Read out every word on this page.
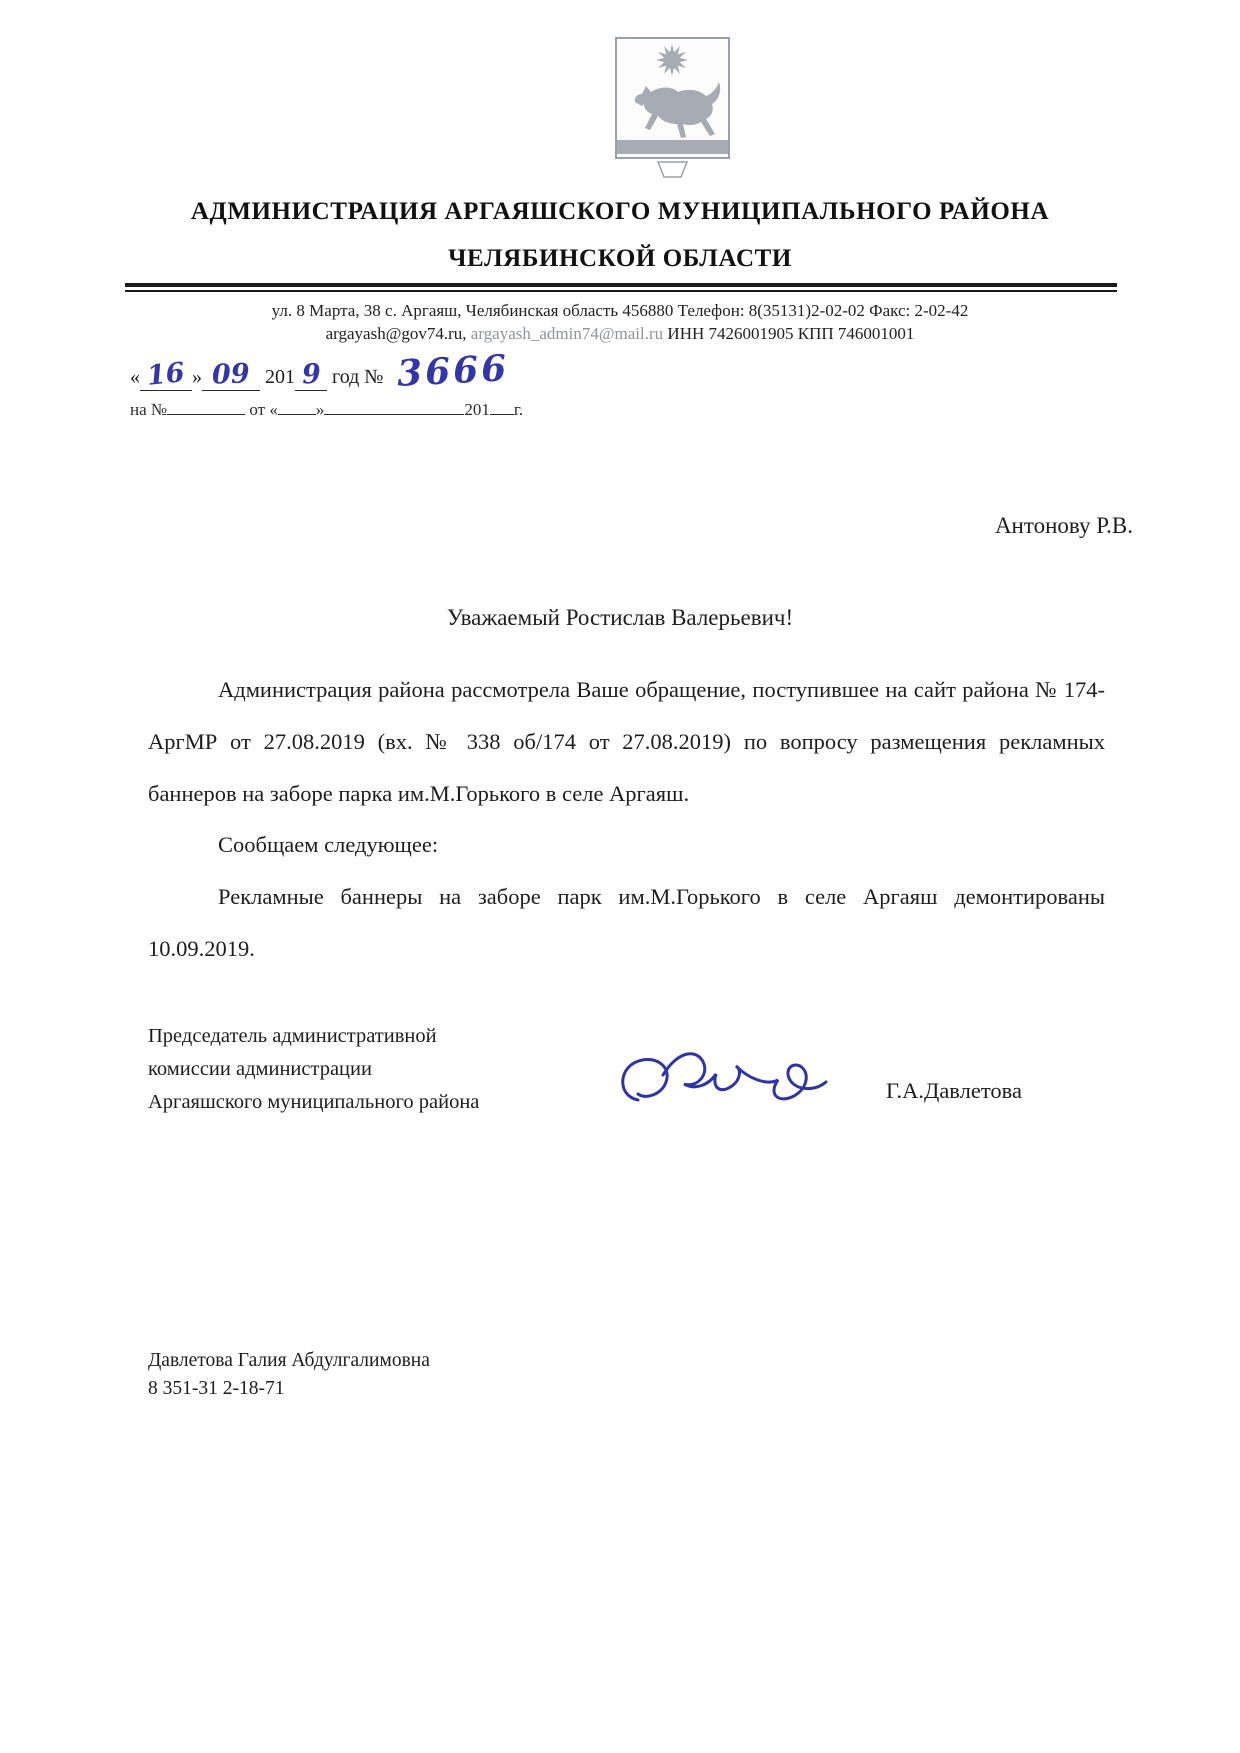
АДМИНИСТРАЦИЯ АРГАЯШСКОГО МУНИЦИПАЛЬНОГО РАЙОНА
ЧЕЛЯБИНСКОЙ ОБЛАСТИ
ул. 8 Марта, 38 с. Аргаяш, Челябинская область 456880 Телефон: 8(35131)2-02-02 Факс: 2-02-42
argayash@gov74.ru, argayash_admin74@mail.ru ИНН 7426001905 КПП 746001001
« 16 » 09 201 9 год № 3666
на №	от « »	201 г.
Антонову Р.В.
Уважаемый Ростислав Валерьевич!

Администрация района рассмотрела Ваше обращение, поступившее на сайт района № 174-АргМР от 27.08.2019 (вх. № 338 об/174 от 27.08.2019) по вопросу размещения рекламных баннеров на заборе парка им.М.Горького в селе Аргаяш.

Сообщаем следующее:

Рекламные баннеры на заборе парк им.М.Горького в селе Аргаяш демонтированы 10.09.2019.

Председатель административной
комиссии администрации
Аргаяшского муниципального района	Г.А.Давлетова
Давлетова Галия Абдулгалимовна
8 351-31 2-18-71
